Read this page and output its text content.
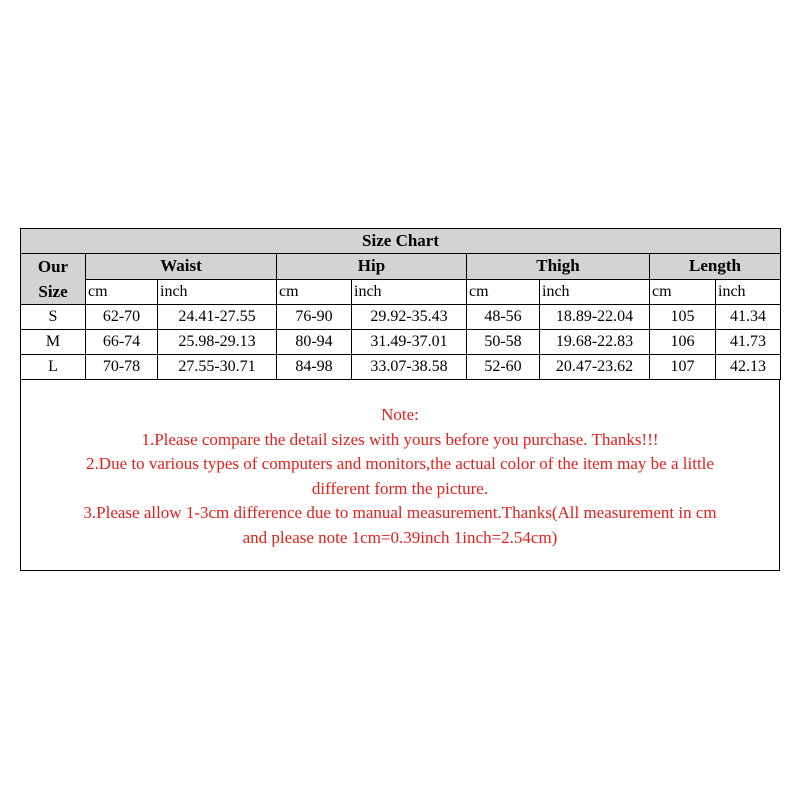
Size Chart								
Our
Size	Waist		Hip		Thigh		Length	
	cm	inch	cm	inch	cm	inch	cm	inch
S	62-70	24.41-27.55	76-90	29.92-35.43	48-56	18.89-22.04	105	41.34
M	66-74	25.98-29.13	80-94	31.49-37.01	50-58	19.68-22.83	106	41.73
L	70-78	27.55-30.71	84-98	33.07-38.58	52-60	20.47-23.62	107	42.13
Note:
1.Please compare the detail sizes with yours before you purchase. Thanks!!!
2.Due to various types of computers and monitors,the actual color of the item may be a little
different form the picture.
3.Please allow 1-3cm difference due to manual measurement.Thanks(All measurement in cm
and please note 1cm=0.39inch 1inch=2.54cm)
